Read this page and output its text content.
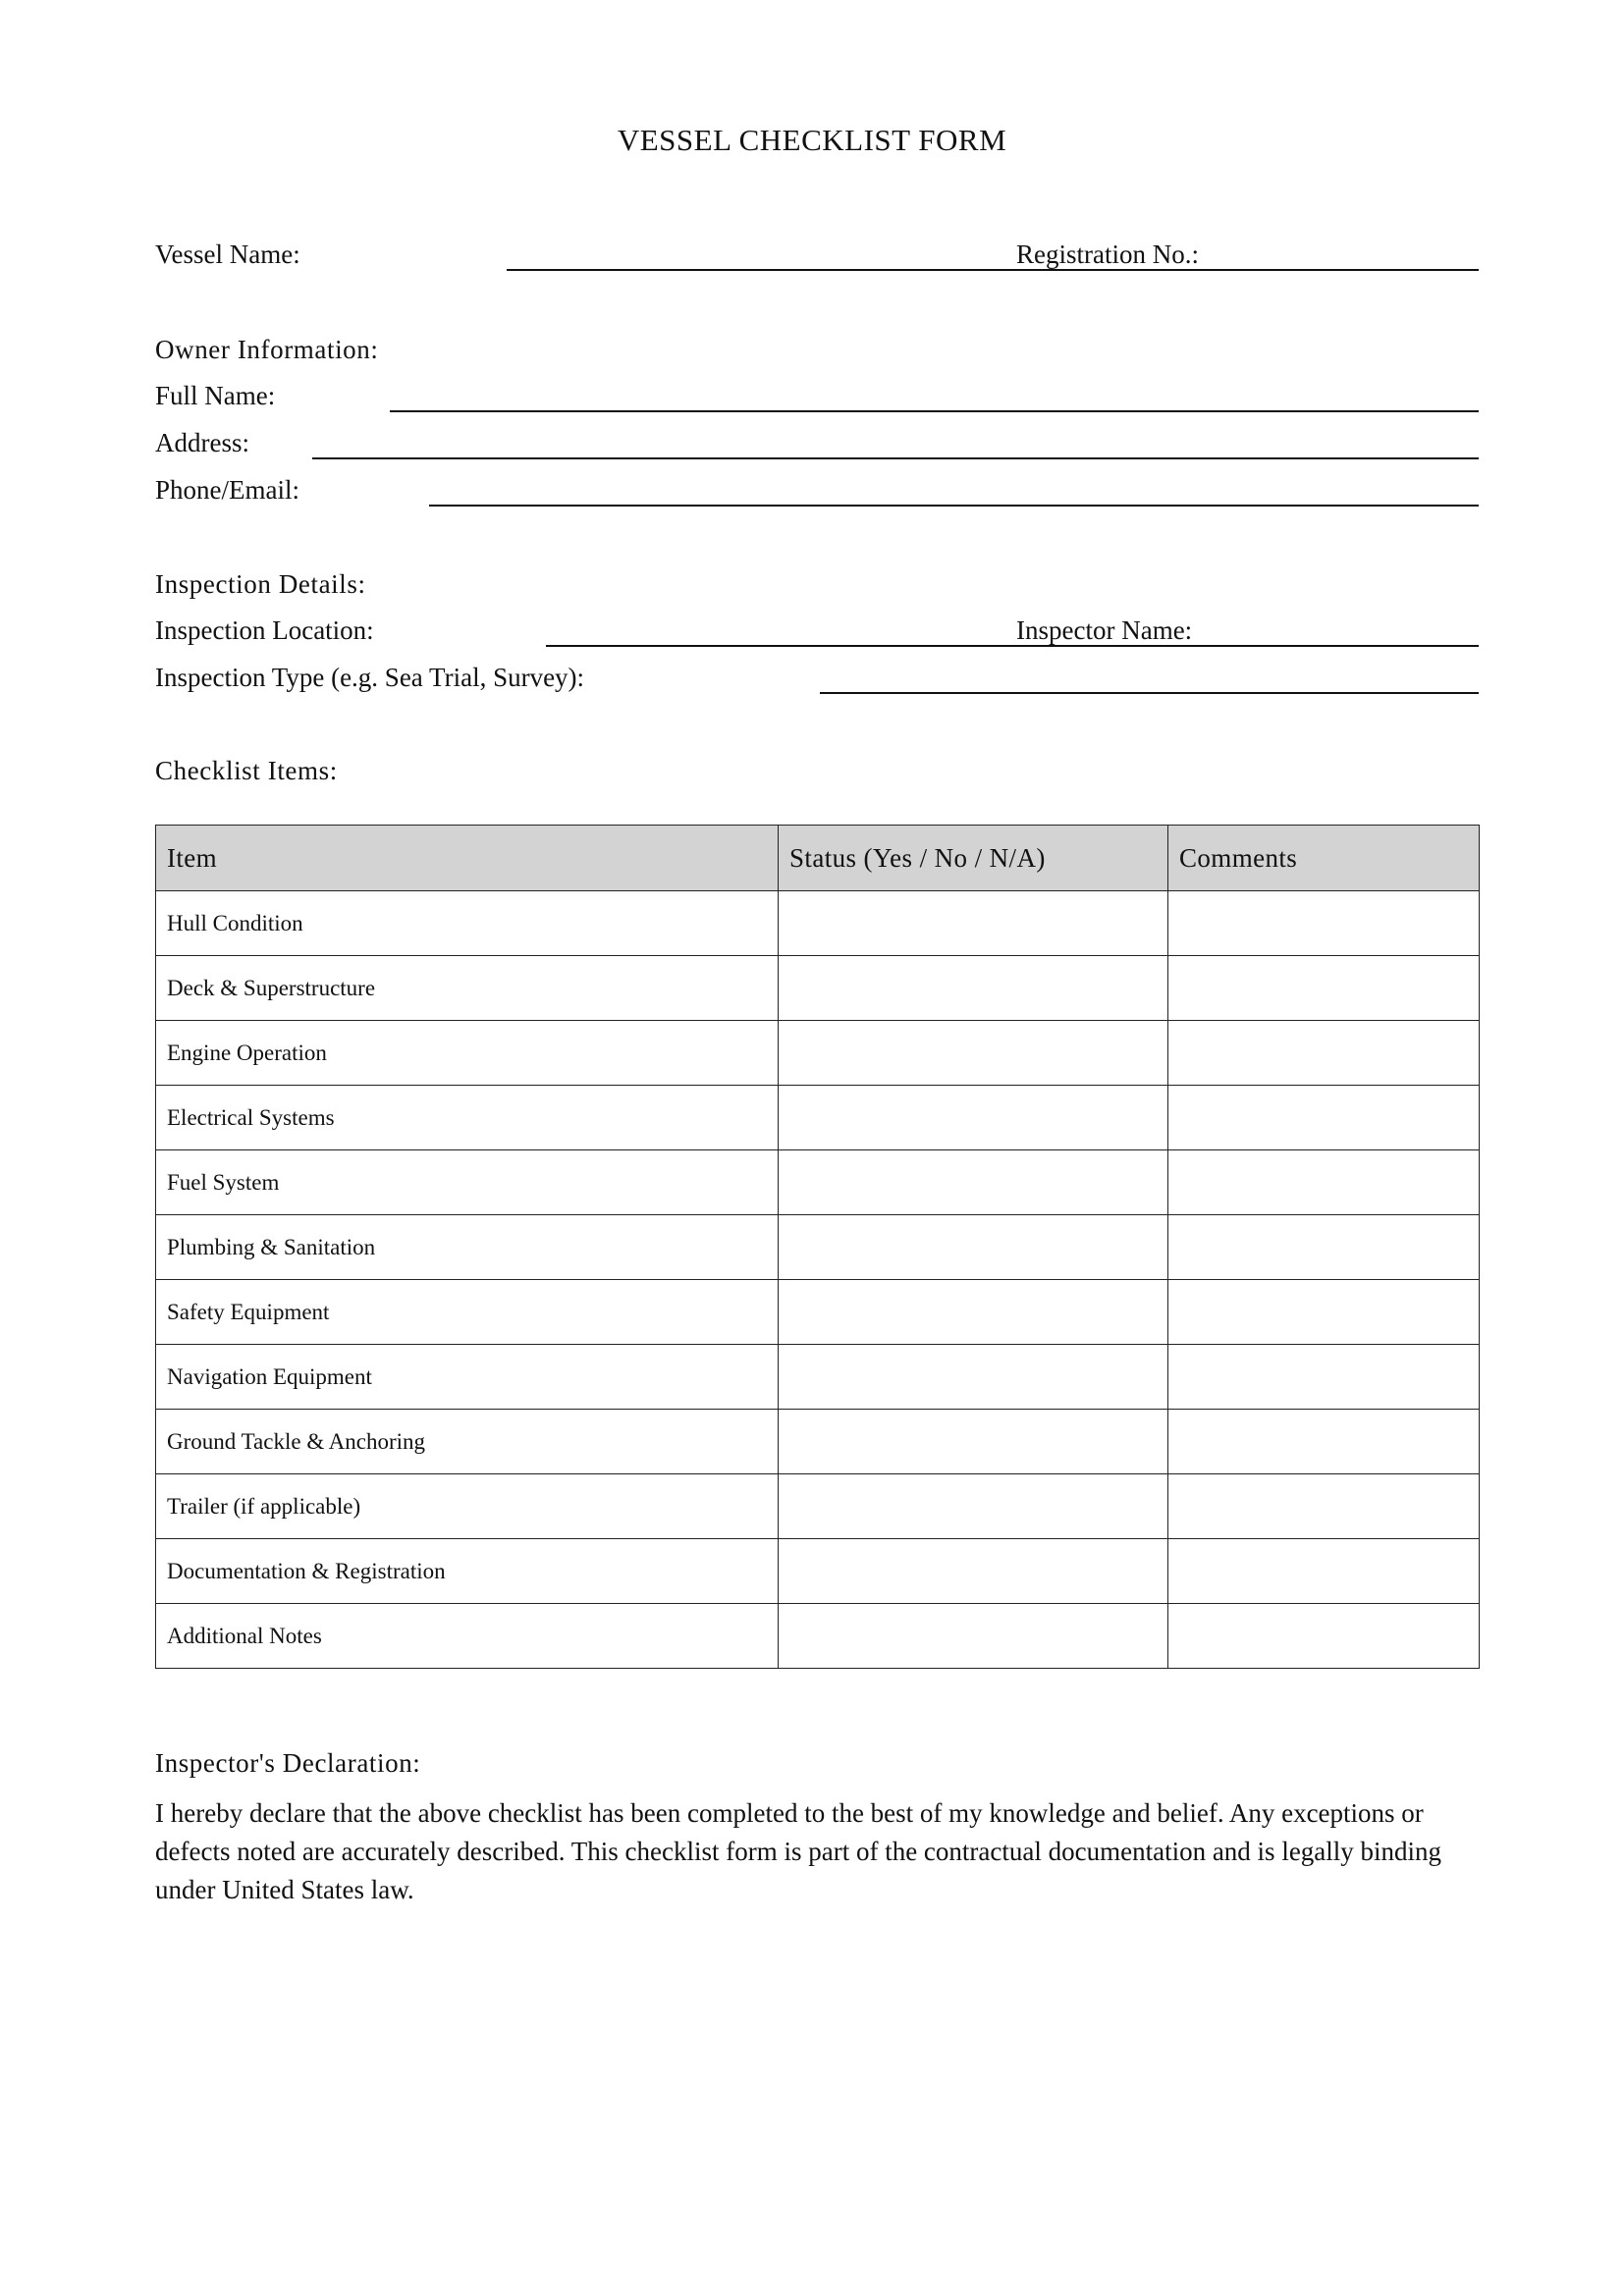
VESSEL CHECKLIST FORM
Vessel Name:	Registration No.:
Owner Information:
Full Name:
Address:
Phone/Email:
Inspection Details:
Inspection Location:	Inspector Name:
Inspection Type (e.g. Sea Trial, Survey):
Checklist Items:
Item	Status (Yes / No / N/A)	Comments
Hull Condition		
Deck & Superstructure		
Engine Operation		
Electrical Systems		
Fuel System		
Plumbing & Sanitation		
Safety Equipment		
Navigation Equipment		
Ground Tackle & Anchoring		
Trailer (if applicable)		
Documentation & Registration		
Additional Notes		
Inspector's Declaration:

I hereby declare that the above checklist has been completed to the best of my knowledge and belief. Any exceptions or defects noted are accurately described. This checklist form is part of the contractual documentation and is legally binding under United States law.
